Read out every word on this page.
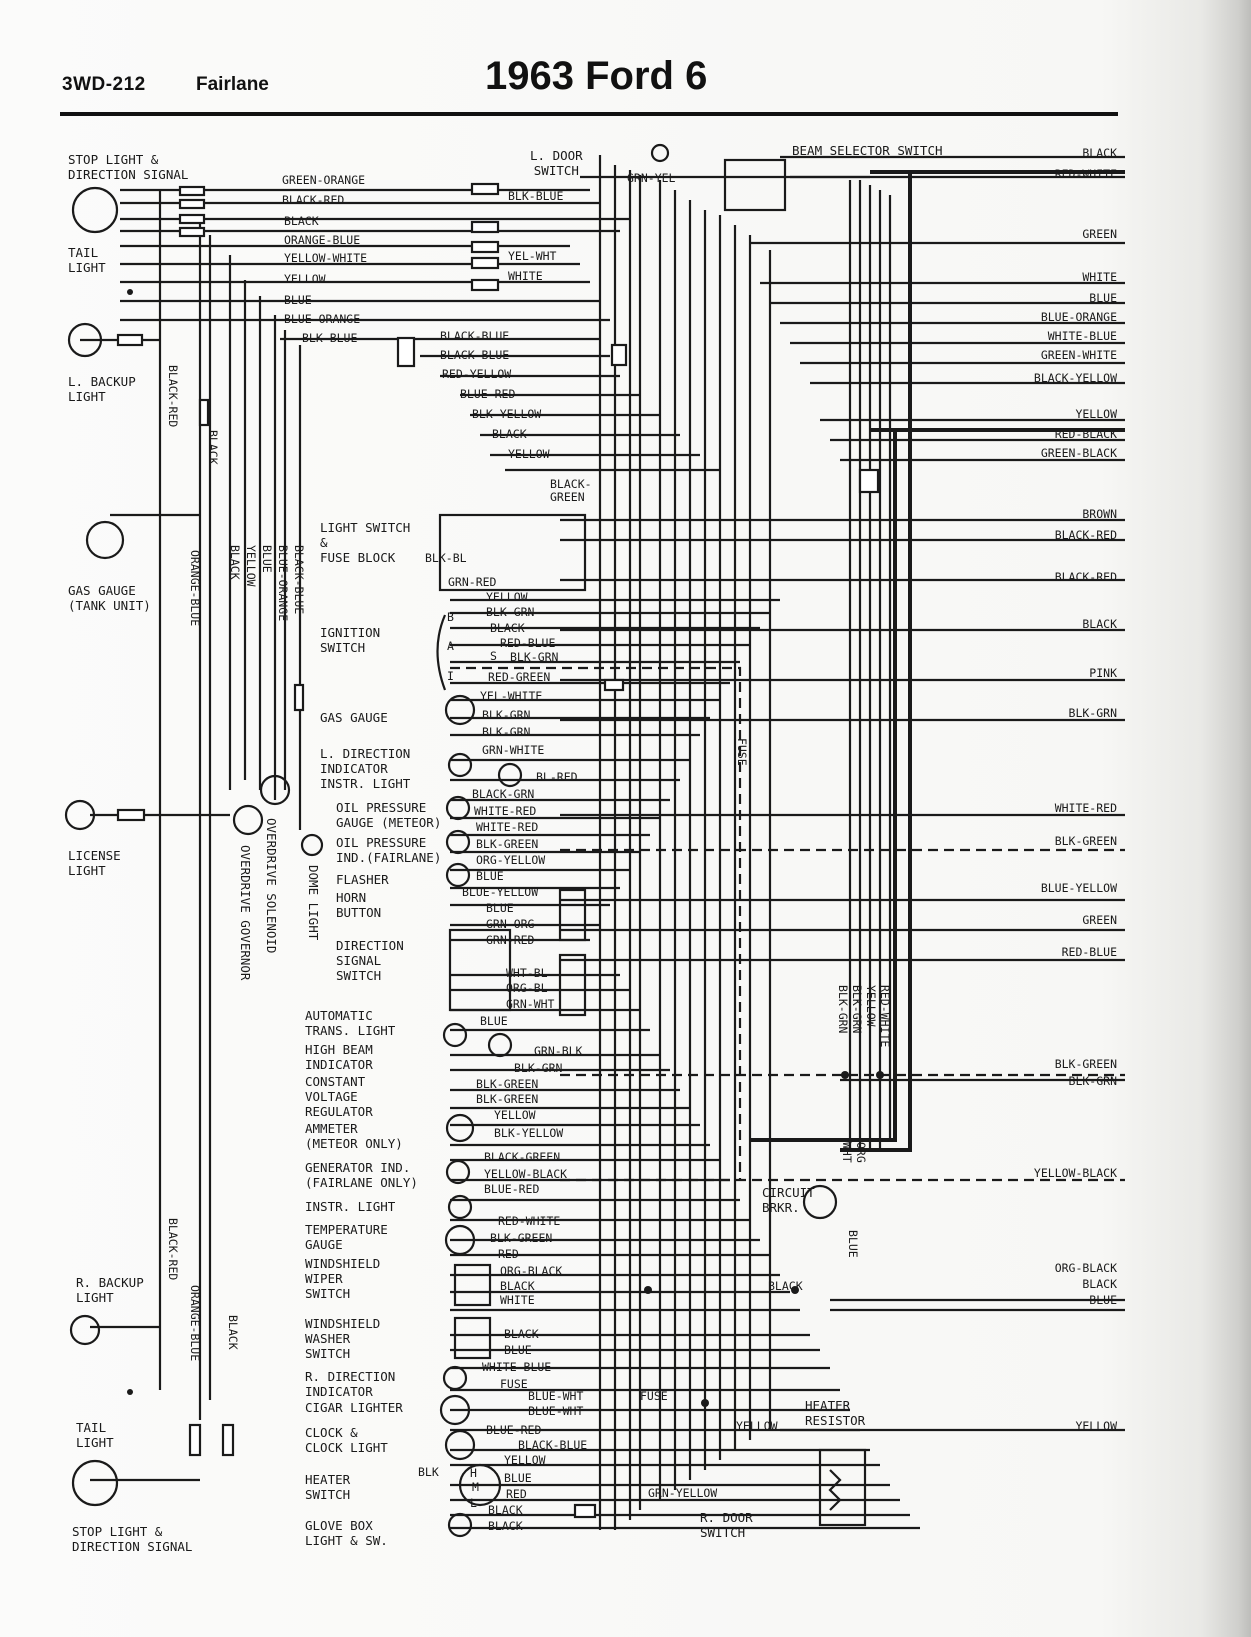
3WD-212	Fairlane	1963 Ford 6
STOP LIGHT &
DIRECTION SIGNAL
TAIL
LIGHT
L. BACKUP
LIGHT
GAS GAUGE
(TANK UNIT)
LICENSE
LIGHT
R. BACKUP
LIGHT
TAIL
LIGHT
STOP LIGHT &
DIRECTION SIGNAL
OVERDRIVE GOVERNOR OVERDRIVE SOLENOID DOME LIGHT
BLACK-RED
BLACK
ORANGE-BLUE BLACK YELLOW BLUE BLUE-ORANGE BLACK-BLUE
BLACK-RED
ORANGE-BLUE BLACK
LIGHT SWITCH
&
FUSE BLOCK
IGNITION
SWITCH
GAS GAUGE
L. DIRECTION
INDICATOR
INSTR. LIGHT
OIL PRESSURE
GAUGE (METEOR)
OIL PRESSURE
IND.(FAIRLANE)
FLASHER
HORN
BUTTON
DIRECTION
SIGNAL
SWITCH
AUTOMATIC
TRANS. LIGHT
HIGH BEAM
INDICATOR
CONSTANT
VOLTAGE
REGULATOR
AMMETER
(METEOR ONLY)
GENERATOR IND.
(FAIRLANE ONLY)
INSTR. LIGHT
TEMPERATURE
GAUGE
WINDSHIELD
WIPER
SWITCH
WINDSHIELD
WASHER
SWITCH
R. DIRECTION
INDICATOR
CIGAR LIGHTER
CLOCK &
CLOCK LIGHT
HEATER
SWITCH
GLOVE BOX
LIGHT & SW.
L. DOOR
SWITCH
BEAM SELECTOR SWITCH
CIRCUIT
BRKR.
HEATER
RESISTOR
R. DOOR
SWITCH
FUSE
FUSE
FUSE
GREEN-ORANGE
BLACK-RED
BLACK
ORANGE-BLUE
YELLOW-WHITE
YELLOW
BLUE
BLUE-ORANGE
BLK-BLUE
BLK-BLUE
YEL-WHT
WHITE
BLACK-BLUE
BLACK-BLUE
RED-YELLOW
BLUE-RED
BLK-YELLOW
BLACK
YELLOW
BLACK-
GREEN
GRN-YEL
BLACK
RED-WHITE
GREEN
WHITE
BLUE
BLUE-ORANGE
WHITE-BLUE
GREEN-WHITE
BLACK-YELLOW
YELLOW
RED-BLACK
GREEN-BLACK
BROWN
BLACK-RED
BLACK-RED
BLACK
PINK
BLK-GRN
WHITE-RED
BLK-GREEN
BLUE-YELLOW
GREEN
RED-BLUE
BLK-GREEN
BLK-GRN
YELLOW-BLACK
ORG-BLACK
BLACK
BLUE
YELLOW
BLK-BL
GRN-RED
YELLOW
BLK-GRN
BLACK
RED-BLUE
BLK-GRN
RED-GREEN
YEL-WHITE
BLK-GRN
BLK-GRN
GRN-WHITE
BL-RED
BLACK-GRN
WHITE-RED
WHITE-RED
BLK-GREEN
ORG-YELLOW
BLUE
BLUE-YELLOW
BLUE
GRN-ORG
GRN-RED
WHT-BL
ORG-BL
GRN-WHT
BLUE
GRN-BLK
BLK-GRN
BLK-GREEN
BLK-GREEN
YELLOW
BLK-YELLOW
BLACK-GREEN
YELLOW-BLACK
BLUE-RED
RED-WHITE
BLK-GREEN
RED
ORG-BLACK
BLACK
WHITE
BLACK
BLUE
WHITE-BLUE
BLUE-WHT
BLUE-WHT
BLUE-RED
BLACK-BLUE
YELLOW
BLUE
RED
BLACK
BLACK
BLK
GRN-YELLOW
BLACK
YELLOW
BLK-GRN BLK-GRN YELLOW RED-WHITE
ORG
WHT
BLUE
B
A
I
S
H
M
L
